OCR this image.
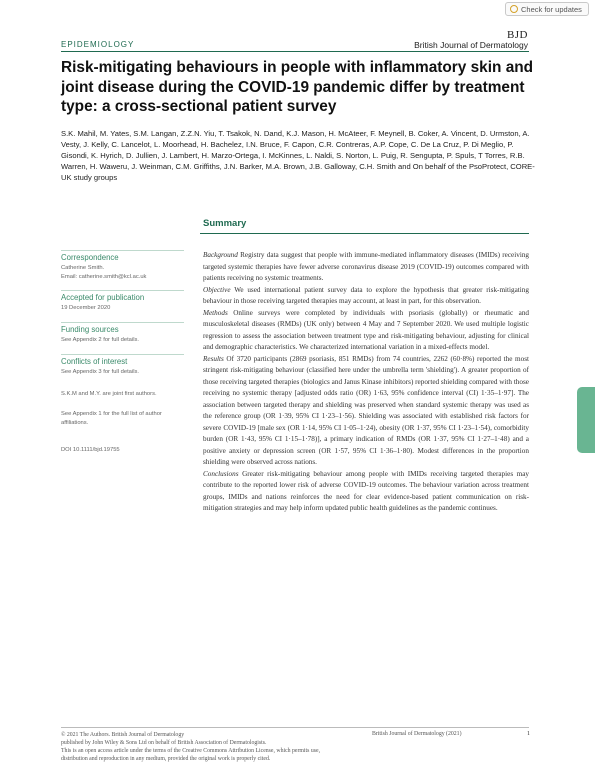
Check for updates
EPIDEMIOLOGY
BJD
British Journal of Dermatology
Risk-mitigating behaviours in people with inflammatory skin and joint disease during the COVID-19 pandemic differ by treatment type: a cross-sectional patient survey
S.K. Mahil, M. Yates, S.M. Langan, Z.Z.N. Yiu, T. Tsakok, N. Dand, K.J. Mason, H. McAteer, F. Meynell, B. Coker, A. Vincent, D. Urmston, A. Vesty, J. Kelly, C. Lancelot, L. Moorhead, H. Bachelez, I.N. Bruce, F. Capon, C.R. Contreras, A.P. Cope, C. De La Cruz, P. Di Meglio, P. Gisondi, K. Hyrich, D. Jullien, J. Lambert, H. Marzo-Ortega, I. McKinnes, L. Naldi, S. Norton, L. Puig, R. Sengupta, P. Spuls, T Torres, R.B. Warren, H. Waweru, J. Weinman, C.M. Griffiths, J.N. Barker, M.A. Brown, J.B. Galloway, C.H. Smith and On behalf of the PsoProtect, CORE-UK study groups
Summary
Correspondence
Catherine Smith.
Email: catherine.smith@kcl.ac.uk
Accepted for publication
19 December 2020
Funding sources
See Appendix 2 for full details.
Conflicts of interest
See Appendix 3 for full details.
S.K.M and M.Y. are joint first authors.
See Appendix 1 for the full list of author affiliations.
DOI 10.1111/bjd.19755

Background Registry data suggest that people with immune-mediated inflammatory diseases (IMIDs) receiving targeted systemic therapies have fewer adverse coronavirus disease 2019 (COVID-19) outcomes compared with patients receiving no systemic treatments.

Objective We used international patient survey data to explore the hypothesis that greater risk-mitigating behaviour in those receiving targeted therapies may account, at least in part, for this observation.

Methods Online surveys were completed by individuals with psoriasis (globally) or rheumatic and musculoskeletal diseases (RMDs) (UK only) between 4 May and 7 September 2020. We used multiple logistic regression to assess the association between treatment type and risk-mitigating behaviour, adjusting for clinical and demographic characteristics. We characterized international variation in a mixed-effects model.

Results Of 3720 participants (2869 psoriasis, 851 RMDs) from 74 countries, 2262 (60·8%) reported the most stringent risk-mitigating behaviour (classified here under the umbrella term 'shielding'). A greater proportion of those receiving targeted therapies (biologics and Janus Kinase inhibitors) reported shielding compared with those receiving no systemic therapy [adjusted odds ratio (OR) 1·63, 95% confidence interval (CI) 1·35–1·97]. The association between targeted therapy and shielding was preserved when standard systemic therapy was used as the reference group (OR 1·39, 95% CI 1·23–1·56). Shielding was associated with established risk factors for severe COVID-19 [male sex (OR 1·14, 95% CI 1·05–1·24), obesity (OR 1·37, 95% CI 1·23–1·54), comorbidity burden (OR 1·43, 95% CI 1·15–1·78)], a primary indication of RMDs (OR 1·37, 95% CI 1·27–1·48) and a positive anxiety or depression screen (OR 1·57, 95% CI 1·36–1·80). Modest differences in the proportion shielding were observed across nations.

Conclusions Greater risk-mitigating behaviour among people with IMIDs receiving targeted therapies may contribute to the reported lower risk of adverse COVID-19 outcomes. The behaviour variation across treatment groups, IMIDs and nations reinforces the need for clear evidence-based patient communication on risk-mitigation strategies and may help inform updated public health guidelines as the pandemic continues.

© 2021 The Authors. British Journal of Dermatology
published by John Wiley & Sons Ltd on behalf of British Association of Dermatologists.
This is an open access article under the terms of the Creative Commons Attribution License, which permits use,
distribution and reproduction in any medium, provided the original work is properly cited.
British Journal of Dermatology (2021)	1
